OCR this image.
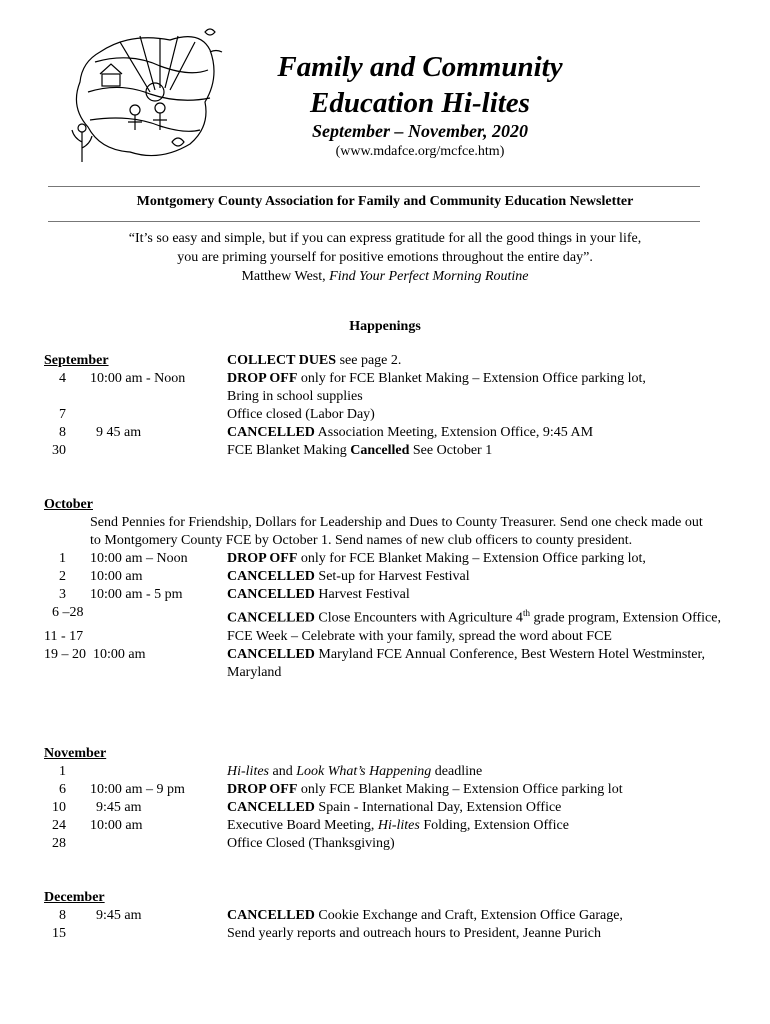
Family and Community
Education Hi-lites
September – November, 2020
(www.mdafce.org/mcfce.htm)
Montgomery County Association for Family and Community Education Newsletter
“It’s so easy and simple, but if you can express gratitude for all the good things in your life,
you are priming yourself for positive emotions throughout the entire day”.
Matthew West, Find Your Perfect Morning Routine
Happenings
September	COLLECT DUES see page 2.
4 10:00 am - Noon	DROP OFF only for FCE Blanket Making – Extension Office parking lot,
Bring in school supplies
7	Office closed (Labor Day)
8 9 45 am	CANCELLED Association Meeting, Extension Office, 9:45 AM
30	FCE Blanket Making Cancelled See October 1
October
Send Pennies for Friendship, Dollars for Leadership and Dues to County Treasurer. Send one check made out to Montgomery County FCE by October 1. Send names of new club officers to county president.
1 10:00 am – Noon	DROP OFF only for FCE Blanket Making – Extension Office parking lot,
2 10:00 am	CANCELLED Set-up for Harvest Festival
3 10:00 am - 5 pm	CANCELLED Harvest Festival
6 –28	CANCELLED Close Encounters with Agriculture 4th grade program, Extension Office,
11 - 17	FCE Week – Celebrate with your family, spread the word about FCE
19 – 20  10:00 am	CANCELLED Maryland FCE Annual Conference, Best Western Hotel Westminster, Maryland
November
1	Hi-lites and Look What’s Happening deadline
6 10:00 am – 9 pm	DROP OFF only FCE Blanket Making – Extension Office parking lot
10 9:45 am	CANCELLED Spain - International Day, Extension Office
24 10:00 am	Executive Board Meeting, Hi-lites Folding, Extension Office
28	Office Closed (Thanksgiving)
December
8 9:45 am	CANCELLED Cookie Exchange and Craft, Extension Office Garage,
15	Send yearly reports and outreach hours to President, Jeanne Purich
